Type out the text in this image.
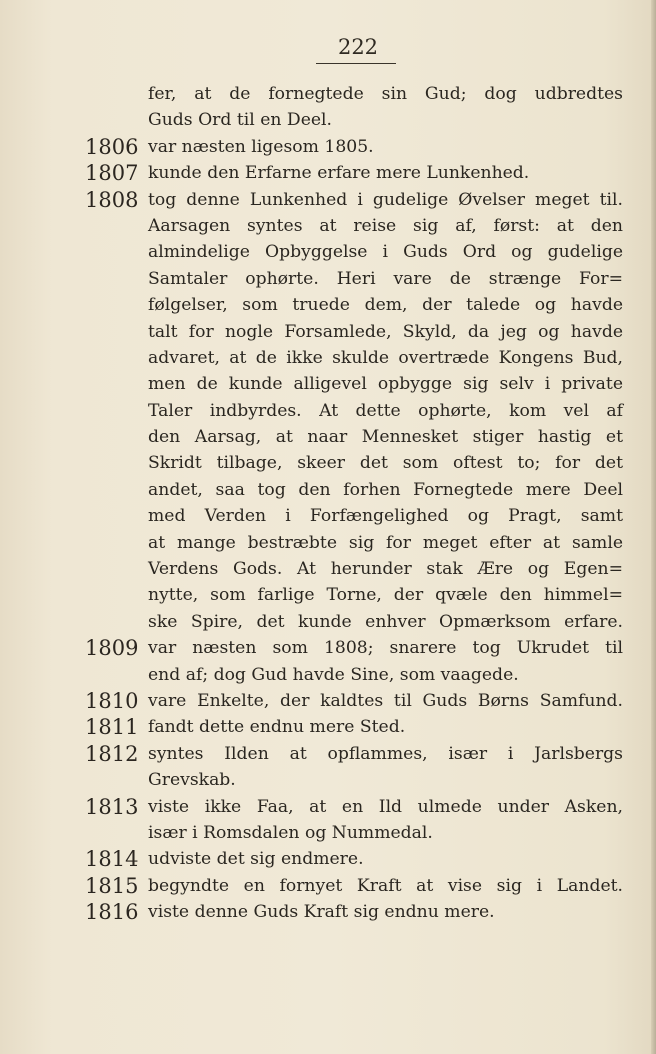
222
fer, at de fornegtede sin Gud; dog udbredtes
Guds Ord til en Deel.
1806 var næsten ligesom 1805.
1807 kunde den Erfarne erfare mere Lunkenhed.
1808 tog denne Lunkenhed i gudelige Øvelser meget til.
Aarsagen syntes at reise sig af, først: at den
almindelige Opbyggelse i Guds Ord og gudelige
Samtaler ophørte. Heri vare de strænge For=
følgelser, som truede dem, der talede og havde
talt for nogle Forsamlede, Skyld, da jeg og havde
advaret, at de ikke skulde overtræde Kongens Bud,
men de kunde alligevel opbygge sig selv i private
Taler indbyrdes. At dette ophørte, kom vel af
den Aarsag, at naar Mennesket stiger hastig et
Skridt tilbage, skeer det som oftest to; for det
andet, saa tog den forhen Fornegtede mere Deel
med Verden i Forfængelighed og Pragt, samt
at mange bestræbte sig for meget efter at samle
Verdens Gods. At herunder stak Ære og Egen=
nytte, som farlige Torne, der qvæle den himmel=
ske Spire, det kunde enhver Opmærksom erfare.
1809 var næsten som 1808; snarere tog Ukrudet til
end af; dog Gud havde Sine, som vaagede.
1810 vare Enkelte, der kaldtes til Guds Børns Samfund.
1811 fandt dette endnu mere Sted.
1812 syntes Ilden at opflammes, især i Jarlsbergs
Grevskab.
1813 viste ikke Faa, at en Ild ulmede under Asken,
især i Romsdalen og Nummedal.
1814 udviste det sig endmere.
1815 begyndte en fornyet Kraft at vise sig i Landet.
1816 viste denne Guds Kraft sig endnu mere.
